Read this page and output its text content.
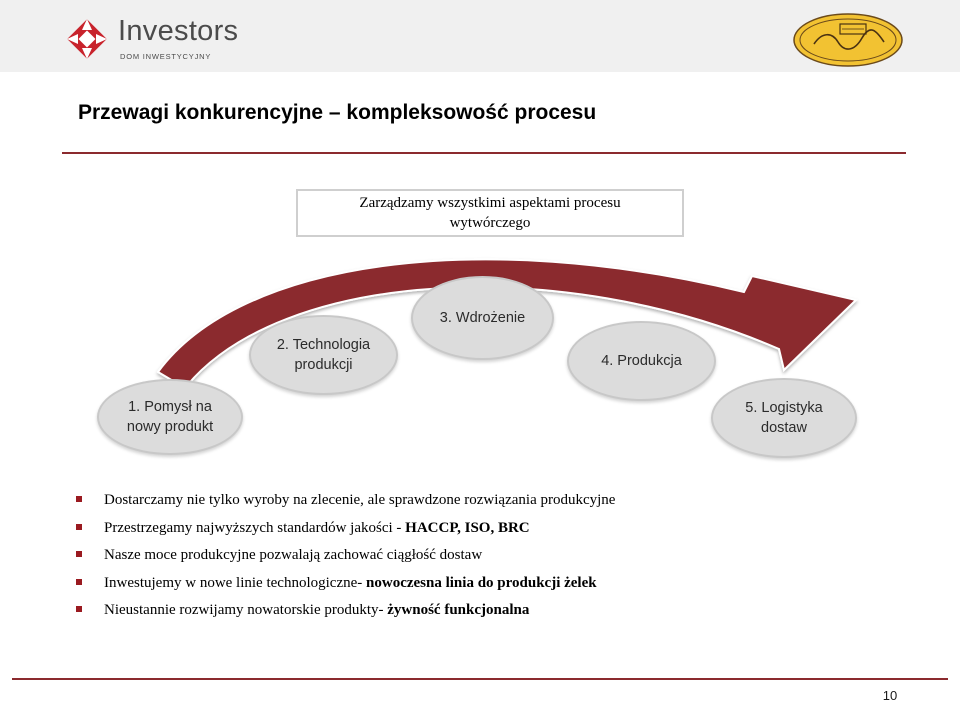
Investors
DOM INWESTYCYJNY
Przewagi konkurencyjne – kompleksowość procesu
Zarządzamy wszystkimi aspektami procesu wytwórczego
1. Pomysł na nowy produkt
2. Technologia produkcji
3. Wdrożenie
4. Produkcja
5. Logistyka dostaw
Dostarczamy nie tylko wyroby na zlecenie, ale sprawdzone rozwiązania produkcyjne
Przestrzegamy najwyższych standardów jakości - HACCP, ISO, BRC
Nasze moce produkcyjne pozwalają zachować ciągłość dostaw
Inwestujemy w nowe linie technologiczne- nowoczesna linia do produkcji żelek
Nieustannie rozwijamy nowatorskie produkty- żywność funkcjonalna
10
